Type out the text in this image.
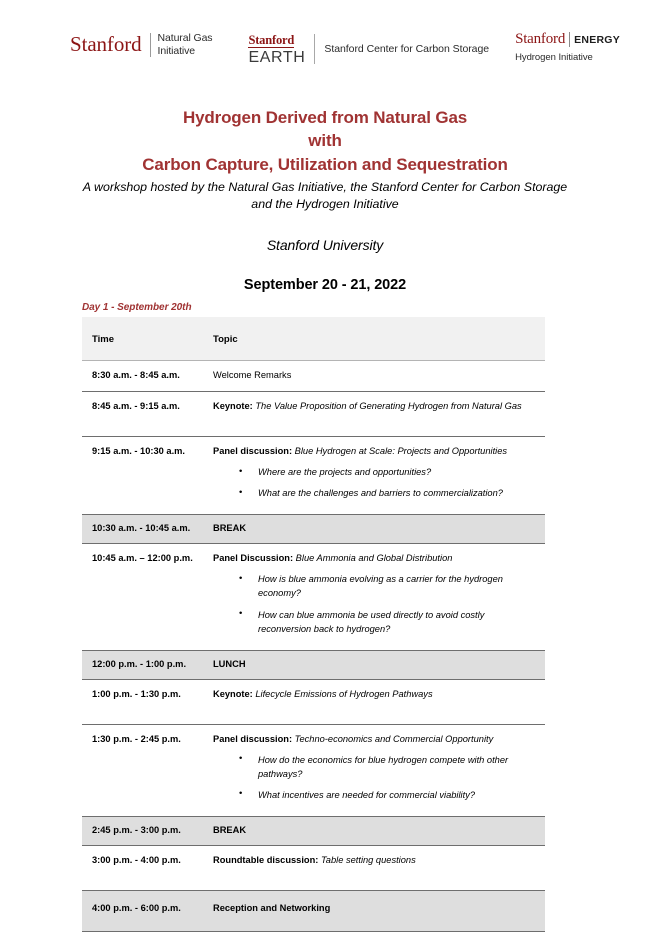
Stanford Natural Gas
Initiative
Stanford
EARTH Stanford Center for Carbon Storage
Stanford ENERGY
Hydrogen Initiative
Hydrogen Derived from Natural Gas
with
Carbon Capture, Utilization and Sequestration
A workshop hosted by the Natural Gas Initiative, the Stanford Center for Carbon Storage and the Hydrogen Initiative
Stanford University
September 20 - 21, 2022
Day 1 - September 20th
Time	Topic
8:30 a.m. - 8:45 a.m.	Welcome Remarks
8:45 a.m. - 9:15 a.m.	Keynote: The Value Proposition of Generating Hydrogen from Natural Gas
9:15 a.m. - 10:30 a.m.	Panel discussion: Blue Hydrogen at Scale: Projects and Opportunities
• Where are the projects and opportunities?
• What are the challenges and barriers to commercialization?

10:30 a.m. - 10:45 a.m.	BREAK
10:45 a.m. – 12:00 p.m.	Panel Discussion: Blue Ammonia and Global Distribution
• How is blue ammonia evolving as a carrier for the hydrogen economy?
• How can blue ammonia be used directly to avoid costly reconversion back to hydrogen?

12:00 p.m. - 1:00 p.m.	LUNCH
1:00 p.m. - 1:30 p.m.	Keynote: Lifecycle Emissions of Hydrogen Pathways
1:30 p.m. - 2:45 p.m.	Panel discussion: Techno-economics and Commercial Opportunity
• How do the economics for blue hydrogen compete with other pathways?
• What incentives are needed for commercial viability?

2:45 p.m. - 3:00 p.m.	BREAK
3:00 p.m. - 4:00 p.m.	Roundtable discussion: Table setting questions
4:00 p.m. - 6:00 p.m.	Reception and Networking
